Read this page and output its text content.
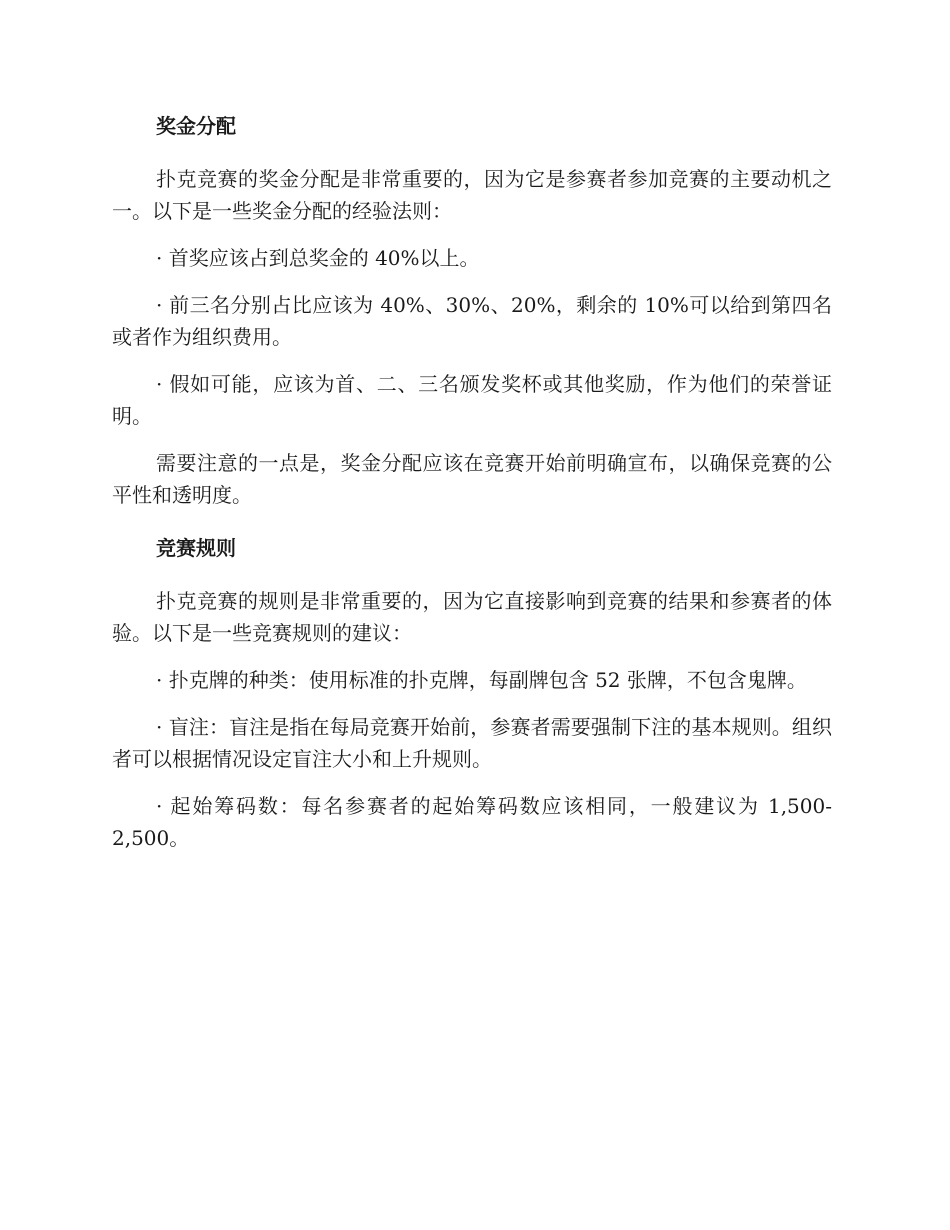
奖金分配

扑克竞赛的奖金分配是非常重要的，因为它是参赛者参加竞赛的主要动机之一。以下是一些奖金分配的经验法则：

· 首奖应该占到总奖金的 40%以上。

· 前三名分别占比应该为 40%、30%、20%，剩余的 10%可以给到第四名或者作为组织费用。

· 假如可能，应该为首、二、三名颁发奖杯或其他奖励，作为他们的荣誉证明。

需要注意的一点是，奖金分配应该在竞赛开始前明确宣布，以确保竞赛的公平性和透明度。

竞赛规则

扑克竞赛的规则是非常重要的，因为它直接影响到竞赛的结果和参赛者的体验。以下是一些竞赛规则的建议：

· 扑克牌的种类：使用标准的扑克牌，每副牌包含 52 张牌，不包含鬼牌。

· 盲注：盲注是指在每局竞赛开始前，参赛者需要强制下注的基本规则。组织者可以根据情况设定盲注大小和上升规则。

· 起始筹码数：每名参赛者的起始筹码数应该相同，一般建议为 1,500-2,500。
